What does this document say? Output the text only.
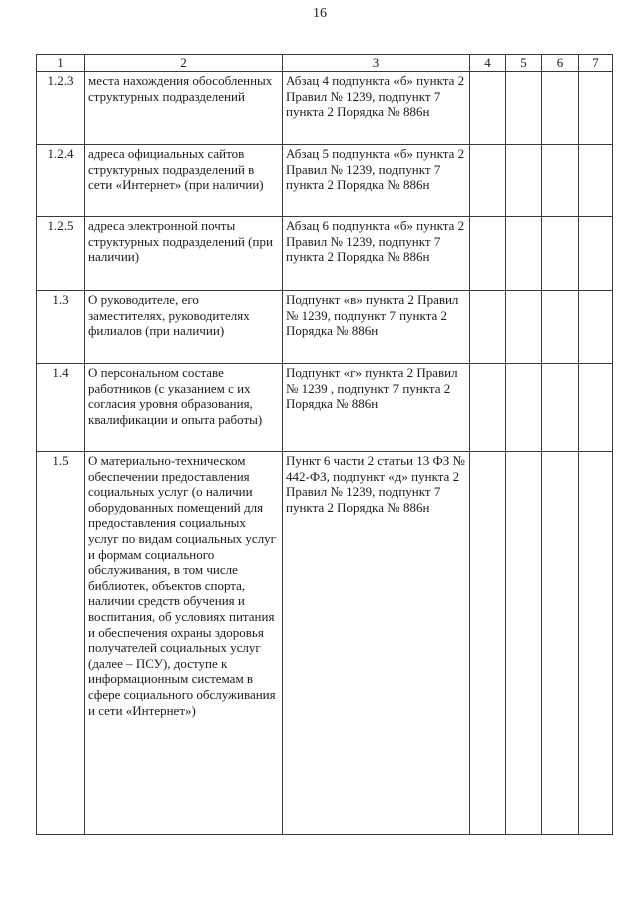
16
1	2	3	4	5	6	7
1.2.3	места нахождения обособленных структурных подразделений	Абзац 4 подпункта «б» пункта 2 Правил № 1239, подпункт 7 пункта 2 Порядка № 886н				
1.2.4	адреса официальных сайтов структурных подразделений в сети «Интернет» (при наличии)	Абзац 5 подпункта «б» пункта 2 Правил № 1239, подпункт 7 пункта 2 Порядка № 886н				
1.2.5	адреса электронной почты структурных подразделений (при наличии)	Абзац 6 подпункта «б» пункта 2 Правил № 1239, подпункт 7 пункта 2 Порядка № 886н				
1.3	О руководителе, его заместителях, руководителях филиалов (при наличии)	Подпункт «в» пункта 2 Правил № 1239, подпункт 7 пункта 2 Порядка № 886н				
1.4	О персональном составе работников (с указанием с их согласия уровня образования, квалификации и опыта работы)	Подпункт «г» пункта 2 Правил № 1239 , подпункт 7 пункта 2 Порядка № 886н				
1.5	О материально-техническом обеспечении предоставления социальных услуг (о наличии оборудованных помещений для предоставления социальных услуг по видам социальных услуг и формам социального обслуживания, в том числе библиотек, объектов спорта, наличии средств обучения и воспитания, об условиях питания и обеспечения охраны здоровья получателей социальных услуг (далее – ПСУ), доступе к информационным системам в сфере социального обслуживания и сети «Интернет»)	Пункт 6 части 2 статьи 13 ФЗ № 442-ФЗ, подпункт «д» пункта 2 Правил № 1239, подпункт 7 пункта 2 Порядка № 886н				
